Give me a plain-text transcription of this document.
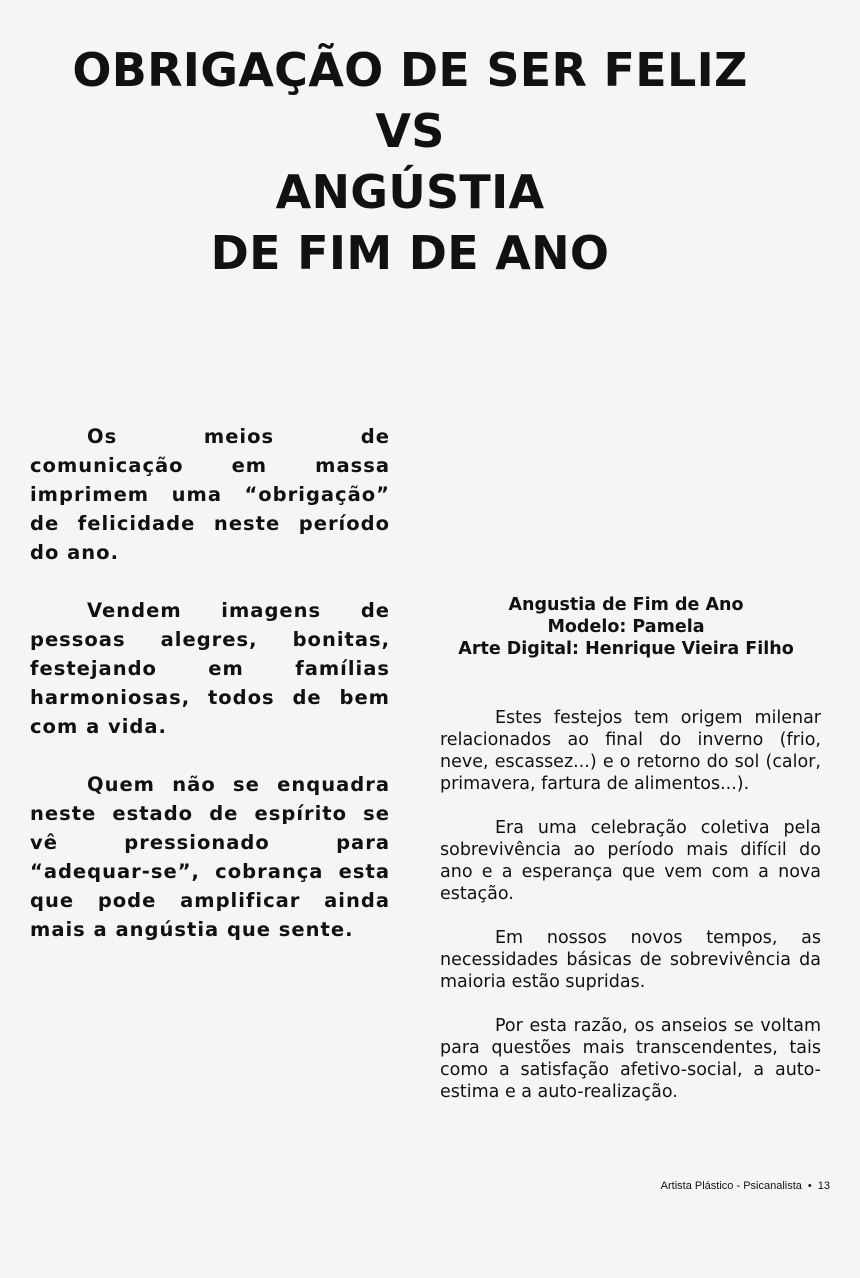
OBRIGAÇÃO DE SER FELIZ
VS
ANGÚSTIA
DE FIM DE ANO

Os meios de comunicação em massa imprimem uma “obrigação” de felicidade neste período do ano.

Vendem imagens de pessoas alegres, bonitas, festejando em famílias harmoniosas, todos de bem com a vida.

Quem não se enquadra neste estado de espírito se vê pressionado para “adequar-se”, cobrança esta que pode amplificar ainda mais a angústia que sente.

Angustia de Fim de Ano
Modelo: Pamela
Arte Digital: Henrique Vieira Filho

Estes festejos tem origem milenar relacionados ao final do inverno (frio, neve, escassez...) e o retorno do sol (calor, primavera, fartura de alimentos...).

Era uma celebração coletiva pela sobrevivência ao período mais difícil do ano e a esperança que vem com a nova estação.

Em nossos novos tempos, as necessidades básicas de sobrevivência da maioria estão supridas.

Por esta razão, os anseios se voltam para questões mais transcendentes, tais como a satisfação afetivo-social, a auto-estima e a auto-realização.

Artista Plástico - Psicanalista • 13
